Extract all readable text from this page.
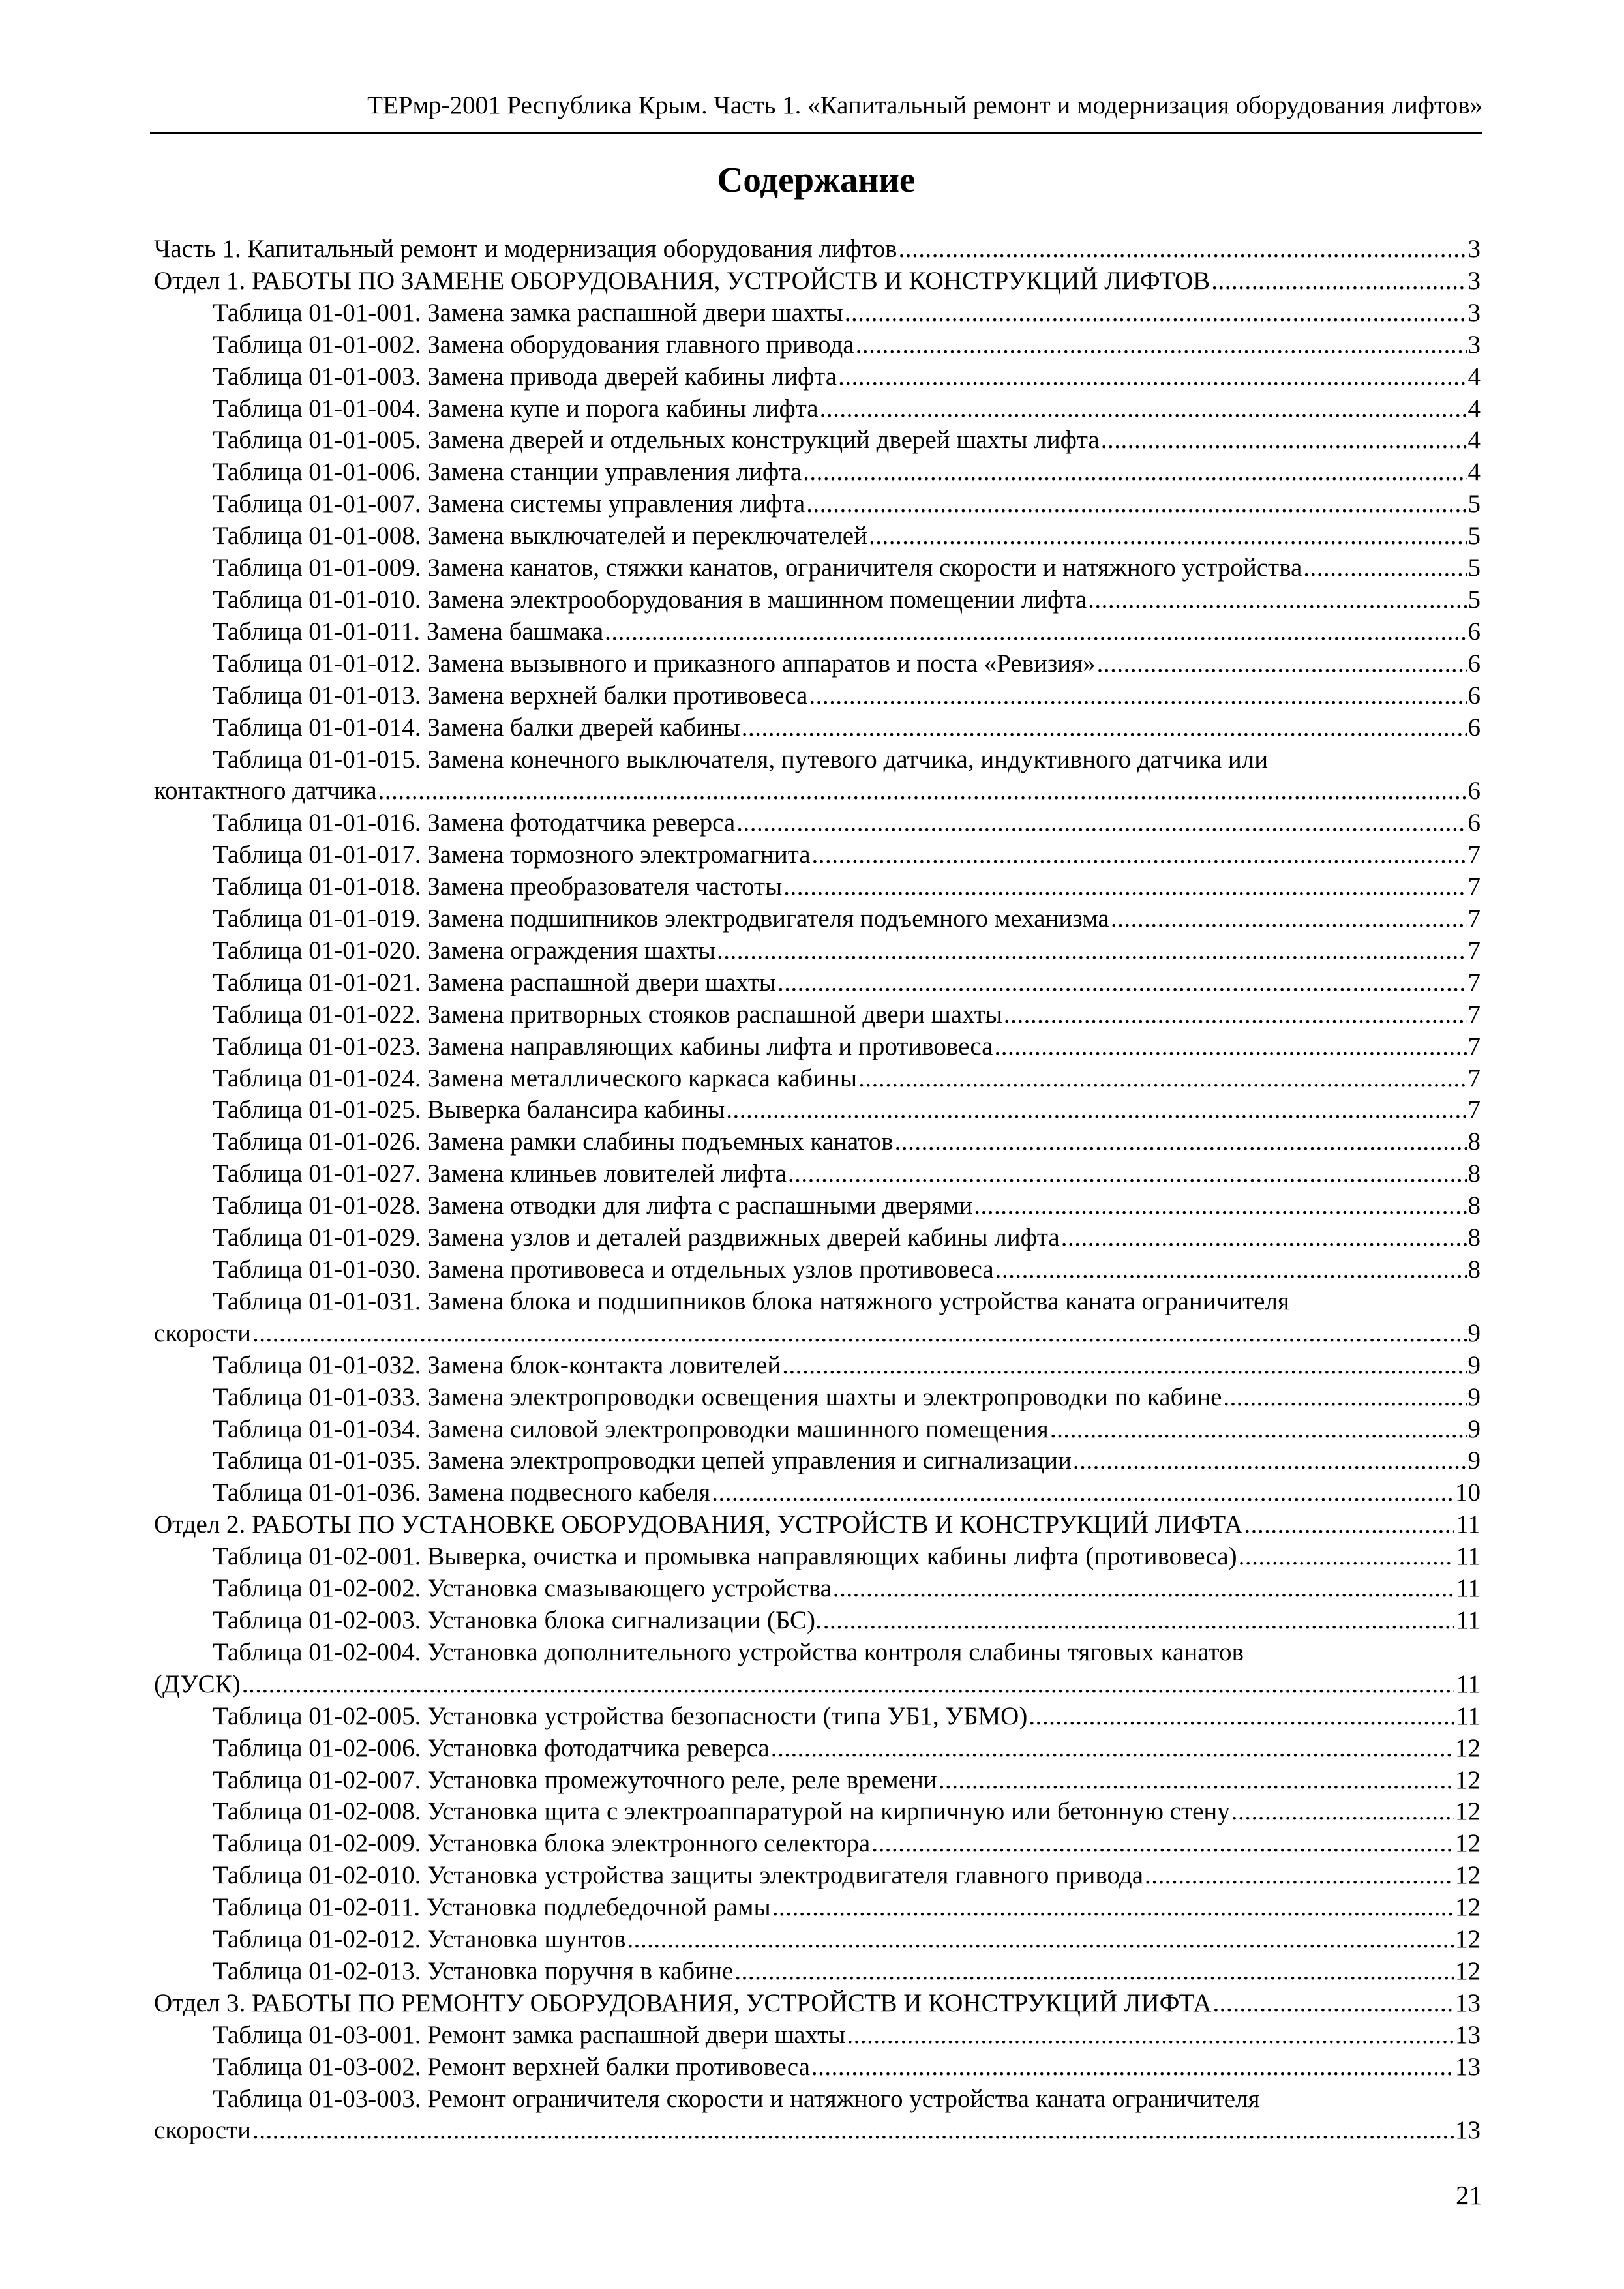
ТЕРмр-2001 Республика Крым. Часть 1. «Капитальный ремонт и модернизация оборудования лифтов»
Содержание
Часть 1. Капитальный ремонт и модернизация оборудования лифтов .....	3
Отдел 1. РАБОТЫ ПО ЗАМЕНЕ ОБОРУДОВАНИЯ, УСТРОЙСТВ И КОНСТРУКЦИЙ ЛИФТОВ .....	3
Таблица 01-01-001. Замена замка распашной двери шахты .....	3
Таблица 01-01-002. Замена оборудования главного привода .....	3
Таблица 01-01-003. Замена привода дверей кабины лифта .....	4
Таблица 01-01-004. Замена купе и порога кабины лифта .....	4
Таблица 01-01-005. Замена дверей и отдельных конструкций дверей шахты лифта .....	4
Таблица 01-01-006. Замена станции управления лифта .....	4
Таблица 01-01-007. Замена системы управления лифта .....	5
Таблица 01-01-008. Замена выключателей и переключателей .....	5
Таблица 01-01-009. Замена канатов, стяжки канатов, ограничителя скорости и натяжного устройства .....	5
Таблица 01-01-010. Замена электрооборудования в машинном помещении лифта .....	5
Таблица 01-01-011. Замена башмака .....	6
Таблица 01-01-012. Замена вызывного и приказного аппаратов и поста «Ревизия» .....	6
Таблица 01-01-013. Замена верхней балки противовеса .....	6
Таблица 01-01-014. Замена балки дверей кабины .....	6
Таблица 01-01-015. Замена конечного выключателя, путевого датчика, индуктивного датчика или
контактного датчика .....	6
Таблица 01-01-016. Замена фотодатчика реверса .....	6
Таблица 01-01-017. Замена тормозного электромагнита .....	7
Таблица 01-01-018. Замена преобразователя частоты .....	7
Таблица 01-01-019. Замена подшипников электродвигателя подъемного механизма .....	7
Таблица 01-01-020. Замена ограждения шахты .....	7
Таблица 01-01-021. Замена распашной двери шахты .....	7
Таблица 01-01-022. Замена притворных стояков распашной двери шахты .....	7
Таблица 01-01-023. Замена направляющих кабины лифта и противовеса .....	7
Таблица 01-01-024. Замена металлического каркаса кабины .....	7
Таблица 01-01-025. Выверка балансира кабины .....	7
Таблица 01-01-026. Замена рамки слабины подъемных канатов .....	8
Таблица 01-01-027. Замена клиньев ловителей лифта .....	8
Таблица 01-01-028. Замена отводки для лифта с распашными дверями .....	8
Таблица 01-01-029. Замена узлов и деталей раздвижных дверей кабины лифта .....	8
Таблица 01-01-030. Замена противовеса и отдельных узлов противовеса .....	8
Таблица 01-01-031. Замена блока и подшипников блока натяжного устройства каната ограничителя
скорости .....	9
Таблица 01-01-032. Замена блок-контакта ловителей .....	9
Таблица 01-01-033. Замена электропроводки освещения шахты и электропроводки по кабине .....	9
Таблица 01-01-034. Замена силовой электропроводки машинного помещения .....	9
Таблица 01-01-035. Замена электропроводки цепей управления и сигнализации .....	9
Таблица 01-01-036. Замена подвесного кабеля .....	10
Отдел 2. РАБОТЫ ПО УСТАНОВКЕ ОБОРУДОВАНИЯ, УСТРОЙСТВ И КОНСТРУКЦИЙ ЛИФТА .....	11
Таблица 01-02-001. Выверка, очистка и промывка направляющих кабины лифта (противовеса) .....	11
Таблица 01-02-002. Установка смазывающего устройства .....	11
Таблица 01-02-003. Установка блока сигнализации (БС). .....	11
Таблица 01-02-004. Установка дополнительного устройства контроля слабины тяговых канатов
(ДУСК) .....	11
Таблица 01-02-005. Установка устройства безопасности (типа УБ1, УБМО) .....	11
Таблица 01-02-006. Установка фотодатчика реверса .....	12
Таблица 01-02-007. Установка промежуточного реле, реле времени .....	12
Таблица 01-02-008. Установка щита с электроаппаратурой на кирпичную или бетонную стену .....	12
Таблица 01-02-009. Установка блока электронного селектора .....	12
Таблица 01-02-010. Установка устройства защиты электродвигателя главного привода .....	12
Таблица 01-02-011. Установка подлебедочной рамы .....	12
Таблица 01-02-012. Установка шунтов .....	12
Таблица 01-02-013. Установка поручня в кабине .....	12
Отдел 3. РАБОТЫ ПО РЕМОНТУ ОБОРУДОВАНИЯ, УСТРОЙСТВ И КОНСТРУКЦИЙ ЛИФТА .....	13
Таблица 01-03-001. Ремонт замка распашной двери шахты .....	13
Таблица 01-03-002. Ремонт верхней балки противовеса .....	13
Таблица 01-03-003. Ремонт ограничителя скорости и натяжного устройства каната ограничителя
скорости .....	13
21
